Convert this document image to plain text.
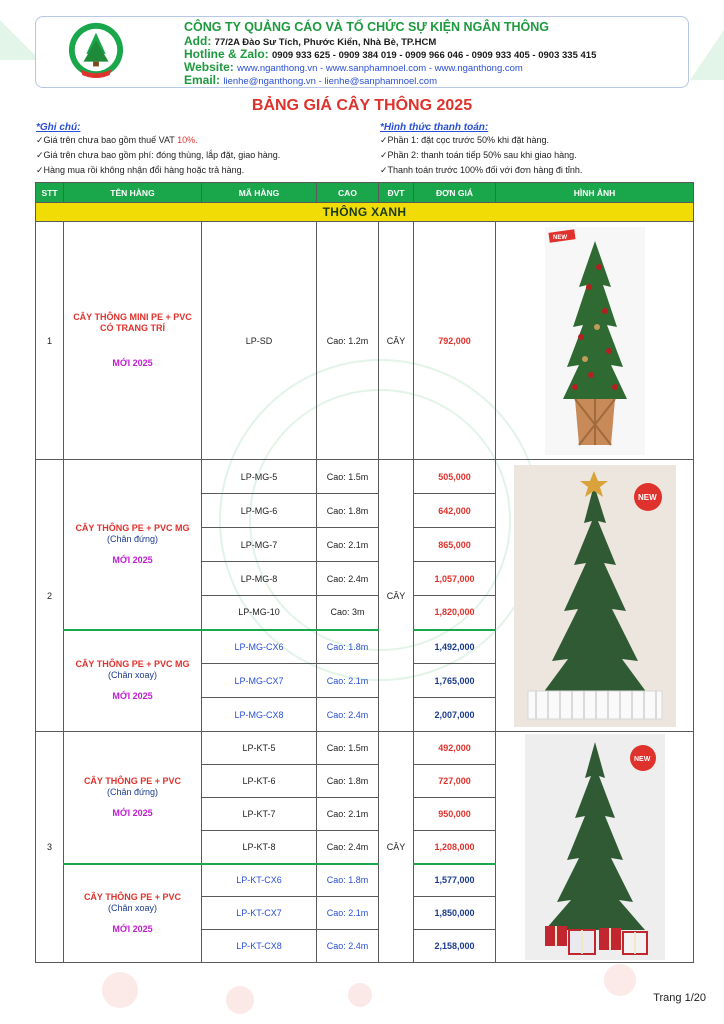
CÔNG TY QUẢNG CÁO VÀ TỔ CHỨC SỰ KIỆN NGÂN THÔNG
Add: 77/2A Đào Sư Tích, Phước Kiển, Nhà Bè, TP.HCM
Hotline & Zalo: 0909 933 625 - 0909 384 019 - 0909 966 046 - 0909 933 405 - 0903 335 415
Website: www.nganthong.vn - www.sanphamnoel.com - www.nganthong.com
Email: lienhe@nganthong.vn - lienhe@sanphamnoel.com
BẢNG GIÁ CÂY THÔNG 2025
*Ghi chú:
✓Giá trên chưa bao gồm thuế VAT 10%.
✓Giá trên chưa bao gồm phí: đóng thùng, lắp đặt, giao hàng.
✓Hàng mua rồi không nhận đổi hàng hoặc trả hàng.
*Hình thức thanh toán:
✓Phần 1: đặt cọc trước 50% khi đặt hàng.
✓Phần 2: thanh toán tiếp 50% sau khi giao hàng.
✓Thanh toán trước 100% đối với đơn hàng đi tỉnh.
STT	TÊN HÀNG	MÃ HÀNG	CAO	ĐVT	ĐƠN GIÁ	HÌNH ẢNH
THÔNG XANH						
1	CÂY THÔNG MINI PE + PVC CÓ TRANG TRÍ
MỚI 2025	LP-SD	Cao: 1.2m	CÂY	792,000	NEW

2	CÂY THÔNG PE + PVC MG
(Chân đứng)
MỚI 2025	LP-MG-5	Cao: 1.5m	CÂY	505,000	NEW

		LP-MG-6	Cao: 1.8m		642,000	
		LP-MG-7	Cao: 2.1m		865,000	
		LP-MG-8	Cao: 2.4m		1,057,000	
		LP-MG-10	Cao: 3m		1,820,000	
	CÂY THÔNG PE + PVC MG
(Chân xoay)
MỚI 2025	LP-MG-CX6	Cao: 1.8m		1,492,000	
		LP-MG-CX7	Cao: 2.1m		1,765,000	
		LP-MG-CX8	Cao: 2.4m		2,007,000	
3	CÂY THÔNG PE + PVC
(Chân đứng)
MỚI 2025	LP-KT-5	Cao: 1.5m	CÂY	492,000	NEW

		LP-KT-6	Cao: 1.8m		727,000	
		LP-KT-7	Cao: 2.1m		950,000	
		LP-KT-8	Cao: 2.4m		1,208,000	
	CÂY THÔNG PE + PVC
(Chân xoay)
MỚI 2025	LP-KT-CX6	Cao: 1.8m		1,577,000	
		LP-KT-CX7	Cao: 2.1m		1,850,000	
		LP-KT-CX8	Cao: 2.4m		2,158,000	
Trang 1/20
